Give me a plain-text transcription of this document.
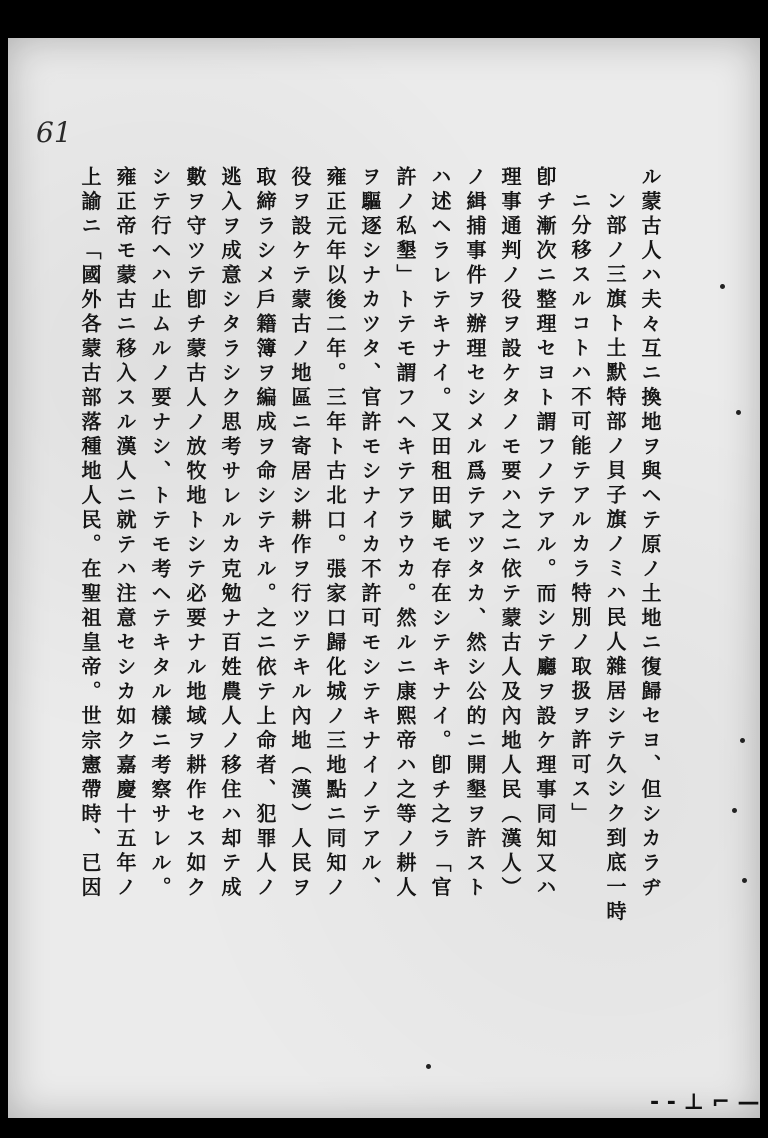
61
ル蒙古人ハ夫々互ニ換地ヲ與ヘテ原ノ土地ニ復歸セヨ、但シカラヂ
ン部ノ三旗ト土默特部ノ貝子旗ノミハ民人雜居シテ久シク到底一時
ニ分移スルコトハ不可能テアルカラ特別ノ取扱ヲ許可ス」
卽チ漸次ニ整理セヨト謂フノテアル。而シテ廳ヲ設ケ理事同知又ハ
理事通判ノ役ヲ設ケタノモ要ハ之ニ依テ蒙古人及內地人民（漢人）
ノ緝捕事件ヲ辦理セシメル爲テアツタカ、然シ公的ニ開墾ヲ許スト
ハ述ヘラレテキナイ。又田租田賦モ存在シテキナイ。卽チ之ラ「官
許ノ私墾」トテモ謂フヘキテアラウカ。然ルニ康熙帝ハ之等ノ耕人
ヲ驅逐シナカツタ、官許モシナイカ不許可モシテキナイノテアル、
雍正元年以後二年。三年ト古北口。張家口歸化城ノ三地點ニ同知ノ
役ヲ設ケテ蒙古ノ地區ニ寄居シ耕作ヲ行ツテキル內地（漢）人民ヲ
取締ラシメ戶籍簿ヲ編成ヲ命シテキル。之ニ依テ上命者、犯罪人ノ
逃入ヲ成意シタラシク思考サレルカ克勉ナ百姓農人ノ移住ハ却テ成
數ヲ守ツテ卽チ蒙古人ノ放牧地トシテ必要ナル地域ヲ耕作セス如ク
シテ行ヘハ止ムルノ要ナシ、トテモ考ヘテキタル樣ニ考察サレル。
雍正帝モ蒙古ニ移入スル漢人ニ就テハ注意セシカ如ク嘉慶十五年ノ
上諭ニ「國外各蒙古部落種地人民。在聖祖皇帝。世宗憲帶時、已因
- - ⊥ ⌐ —
